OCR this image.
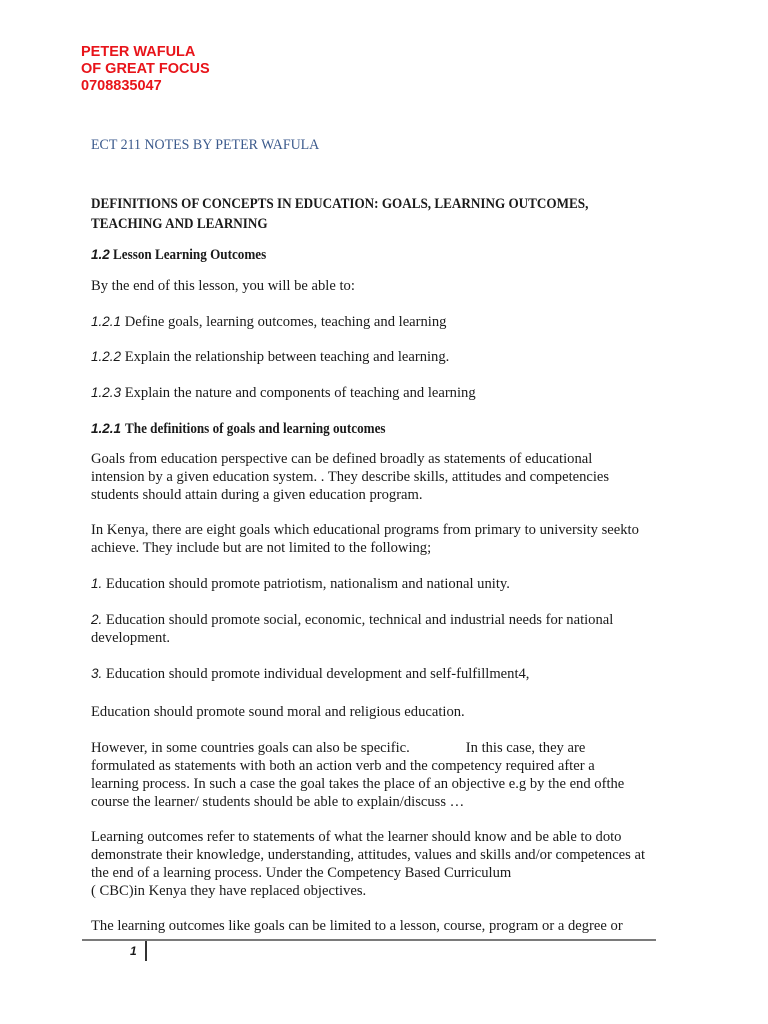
PETER WAFULA
OF GREAT FOCUS
0708835047
ECT 211 NOTES BY PETER WAFULA
DEFINITIONS OF CONCEPTS IN EDUCATION: GOALS, LEARNING OUTCOMES,
TEACHING AND LEARNING
1.2 Lesson Learning Outcomes
By the end of this lesson, you will be able to:
1.2.1 Define goals, learning outcomes, teaching and learning
1.2.2 Explain the relationship between teaching and learning.
1.2.3 Explain the nature and components of teaching and learning
1.2.1 The definitions of goals and learning outcomes
Goals from education perspective can be defined broadly as statements of educational
intension by a given education system. . They describe skills, attitudes and competencies
students should attain during a given education program.
In Kenya, there are eight goals which educational programs from primary to university seekto
achieve. They include but are not limited to the following;
1. Education should promote patriotism, nationalism and national unity.
2. Education should promote social, economic, technical and industrial needs for national
development.
3. Education should promote individual development and self-fulfillment4,
Education should promote sound moral and religious education.
However, in some countries goals can also be specific.	In this case, they are
formulated as statements with both an action verb and the competency required after a
learning process. In such a case the goal takes the place of an objective e.g by the end ofthe
course the learner/ students should be able to explain/discuss …
Learning outcomes refer to statements of what the learner should know and be able to doto
demonstrate their knowledge, understanding, attitudes, values and skills and/or competences at
the end of a learning process. Under the Competency Based Curriculum
( CBC)in Kenya they have replaced objectives.
The learning outcomes like goals can be limited to a lesson, course, program or a degree or
1
